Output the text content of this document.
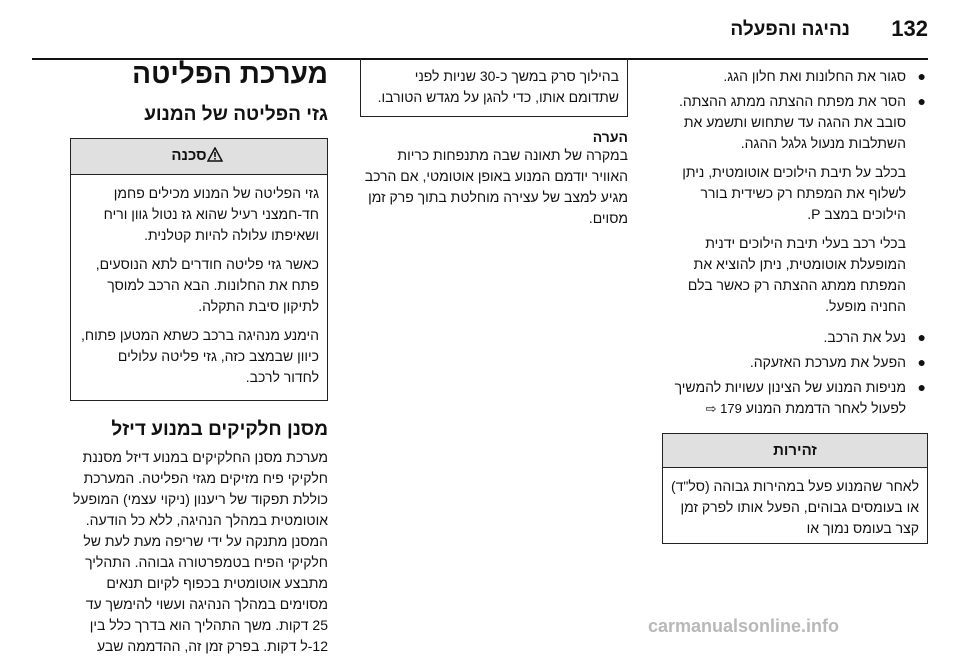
132
נהיגה והפעלה
●

סגור את החלונות ואת חלון הגג.

●

הסר את מפתח ההצתה ממתג ההצתה. סובב את ההגה עד שתחוש ותשמע את השתלבות מנעול גלגל ההגה.

בכלב על תיבת הילוכים אוטומטית, ניתן לשלוף את המפתח רק כשידית בורר הילוכים במצב P.

בכלי רכב בעלי תיבת הילוכים ידנית המופעלת אוטומטית, ניתן להוציא את המפתח ממתג ההצתה רק כאשר בלם החניה מופעל.

●

נעל את הרכב.

●

הפעל את מערכת האזעקה.

●

מניפות המנוע של הצינון עשויות להמשיך לפעול לאחר הדממת המנוע 179 ⇨

זהירות
לאחר שהמנוע פעל במהירות גבוהה (סל"ד) או בעומסים גבוהים, הפעל אותו לפרק זמן קצר בעומס נמוך או
בהילוך סרק במשך כ-30 שניות לפני שתדומם אותו, כדי להגן על מגדש הטורבו.
הערה

במקרה של תאונה שבה מתנפחות כריות האוויר יודמם המנוע באופן אוטומטי, אם הרכב מגיע למצב של עצירה מוחלטת בתוך פרק זמן מסוים.

מערכת הפליטה
גזי הפליטה של המנוע
סכנה

גזי הפליטה של המנוע מכילים פחמן חד-חמצני רעיל שהוא גז נטול גוון וריח ושאיפתו עלולה להיות קטלנית.

כאשר גזי פליטה חודרים לתא הנוסעים, פתח את החלונות. הבא הרכב למוסך לתיקון סיבת התקלה.

הימנע מנהיגה ברכב כשתא המטען פתוח, כיוון שבמצב כזה, גזי פליטה עלולים לחדור לרכב.

מסנן חלקיקים במנוע דיזל

מערכת מסנן החלקיקים במנוע דיזל מסננת חלקיקי פיח מזיקים מגזי הפליטה. המערכת כוללת תפקוד של ריענון (ניקוי עצמי) המופעל אוטומטית במהלך הנהיגה, ללא כל הודעה. המסנן מתנקה על ידי שריפה מעת לעת של חלקיקי הפיח בטמפרטורה גבוהה. התהליך מתבצע אוטומטית בכפוף לקיום תנאים מסוימים במהלך הנהיגה ועשוי להימשך עד 25 דקות. משך התהליך הוא בדרך כלל בין 12-ל דקות. בפרק זמן זה, ההדממה שבע

carmanualsonline.info
